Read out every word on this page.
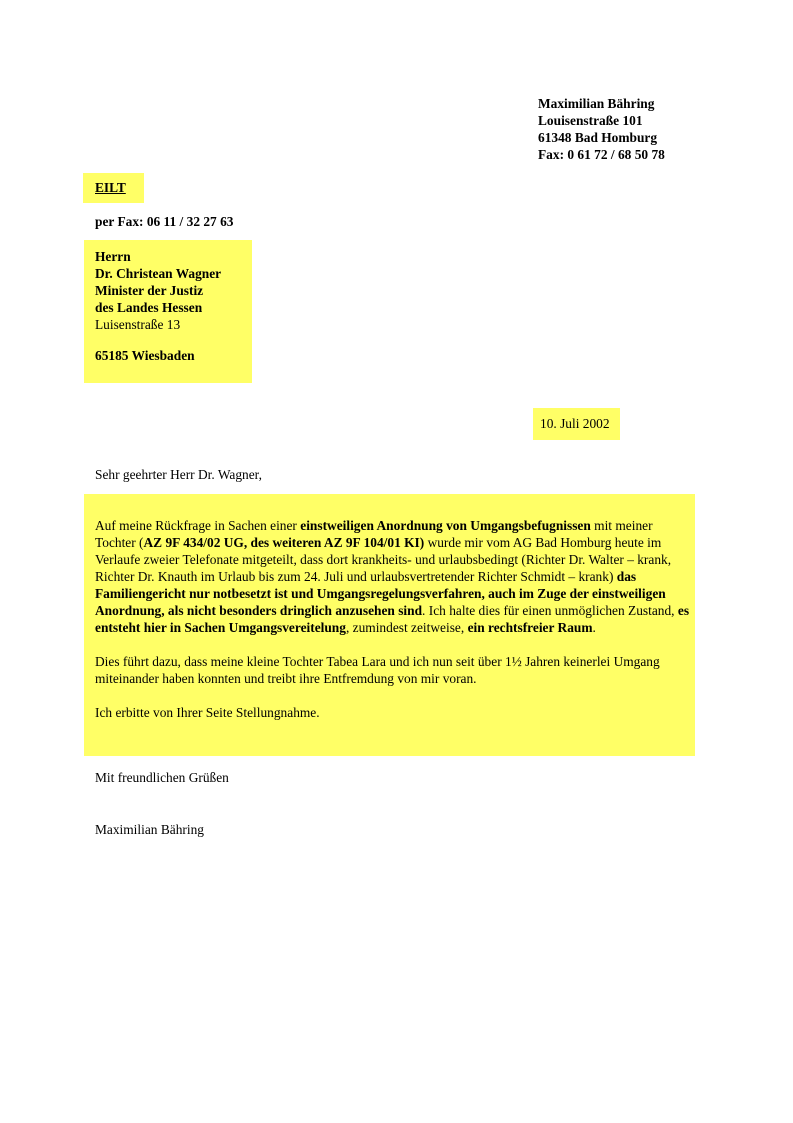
Maximilian Bähring
Louisenstraße 101
61348 Bad Homburg
Fax: 0 61 72 / 68 50 78
EILT
per Fax: 06 11 / 32 27 63
Herrn
Dr. Christean Wagner
Minister der Justiz
des Landes Hessen
Luisenstraße 13
65185 Wiesbaden
10. Juli 2002
Sehr geehrter Herr Dr. Wagner,

Auf meine Rückfrage in Sachen einer einstweiligen Anordnung von Umgangsbefugnissen mit meiner Tochter (AZ 9F 434/02 UG, des weiteren AZ 9F 104/01 KI) wurde mir vom AG Bad Homburg heute im Verlaufe zweier Telefonate mitgeteilt, dass dort krankheits- und urlaubsbedingt (Richter Dr. Walter – krank, Richter Dr. Knauth im Urlaub bis zum 24. Juli und urlaubsvertretender Richter Schmidt – krank) das Familiengericht nur notbesetzt ist und Umgangsregelungsverfahren, auch im Zuge der einstweiligen Anordnung, als nicht besonders dringlich anzusehen sind. Ich halte dies für einen unmöglichen Zustand, es entsteht hier in Sachen Umgangsvereitelung, zumindest zeitweise, ein rechtsfreier Raum.

Dies führt dazu, dass meine kleine Tochter Tabea Lara und ich nun seit über 1½ Jahren keinerlei Umgang miteinander haben konnten und treibt ihre Entfremdung von mir voran.

Ich erbitte von Ihrer Seite Stellungnahme.

Mit freundlichen Grüßen
Maximilian Bähring
